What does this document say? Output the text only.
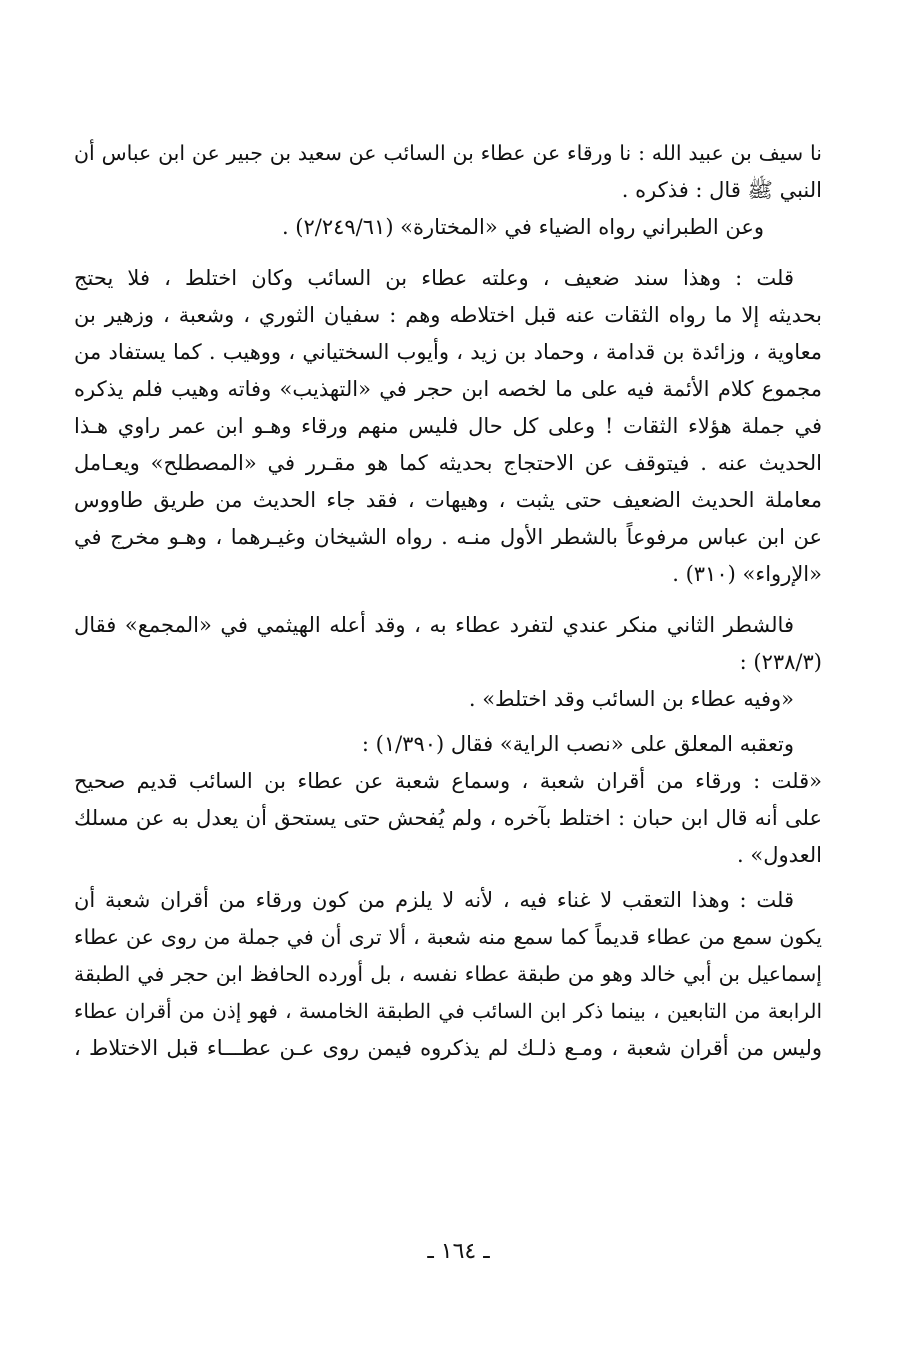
نا سيف بن عبيد الله : نا ورقاء عن عطاء بن السائب عن سعيد بن جبير عن ابن عباس أن
النبي ﷺ قال : فذكره .
وعن الطبراني رواه الضياء في «المختارة» (٢/٢٤٩/٦١) .
قلت : وهذا سند ضعيف ، وعلته عطاء بن السائب وكان اختلط ، فلا يحتج
بحديثه إلا ما رواه الثقات عنه قبل اختلاطه وهم : سفيان الثوري ، وشعبة ، وزهير بن
معاوية ، وزائدة بن قدامة ، وحماد بن زيد ، وأيوب السختياني ، ووهيب . كما يستفاد من
مجموع كلام الأئمة فيه على ما لخصه ابن حجر في «التهذيب» وفاته وهيب فلم يذكره
في جملة هؤلاء الثقات ! وعلى كل حال فليس منهم ورقاء وهـو ابن عمر راوي هـذا
الحديث عنه . فيتوقف عن الاحتجاج بحديثه كما هو مقـرر في «المصطلح» ويعـامل
معاملة الحديث الضعيف حتى يثبت ، وهيهات ، فقد جاء الحديث من طريق طاووس
عن ابن عباس مرفوعاً بالشطر الأول منـه . رواه الشيخان وغيـرهما ، وهـو مخرج في
«الإرواء» (٣١٠) .
فالشطر الثاني منكر عندي لتفرد عطاء به ، وقد أعله الهيثمي في «المجمع» فقال
(٢٣٨/٣) :
«وفيه عطاء بن السائب وقد اختلط» .
وتعقبه المعلق على «نصب الراية» فقال (١/٣٩٠) :
«قلت : ورقاء من أقران شعبة ، وسماع شعبة عن عطاء بن السائب قديم صحيح
على أنه قال ابن حبان : اختلط بآخره ، ولم يُفحش حتى يستحق أن يعدل به عن مسلك
العدول» .
قلت : وهذا التعقب لا غناء فيه ، لأنه لا يلزم من كون ورقاء من أقران شعبة أن
يكون سمع من عطاء قديماً كما سمع منه شعبة ، ألا ترى أن في جملة من روى عن عطاء
إسماعيل بن أبي خالد وهو من طبقة عطاء نفسه ، بل أورده الحافظ ابن حجر في الطبقة
الرابعة من التابعين ، بينما ذكر ابن السائب في الطبقة الخامسة ، فهو إذن من أقران عطاء
وليس من أقران شعبة ، ومـع ذلـك لم يذكروه فيمن روى عـن عطـــاء قبل الاختلاط ،
ـ ١٦٤ ـ
